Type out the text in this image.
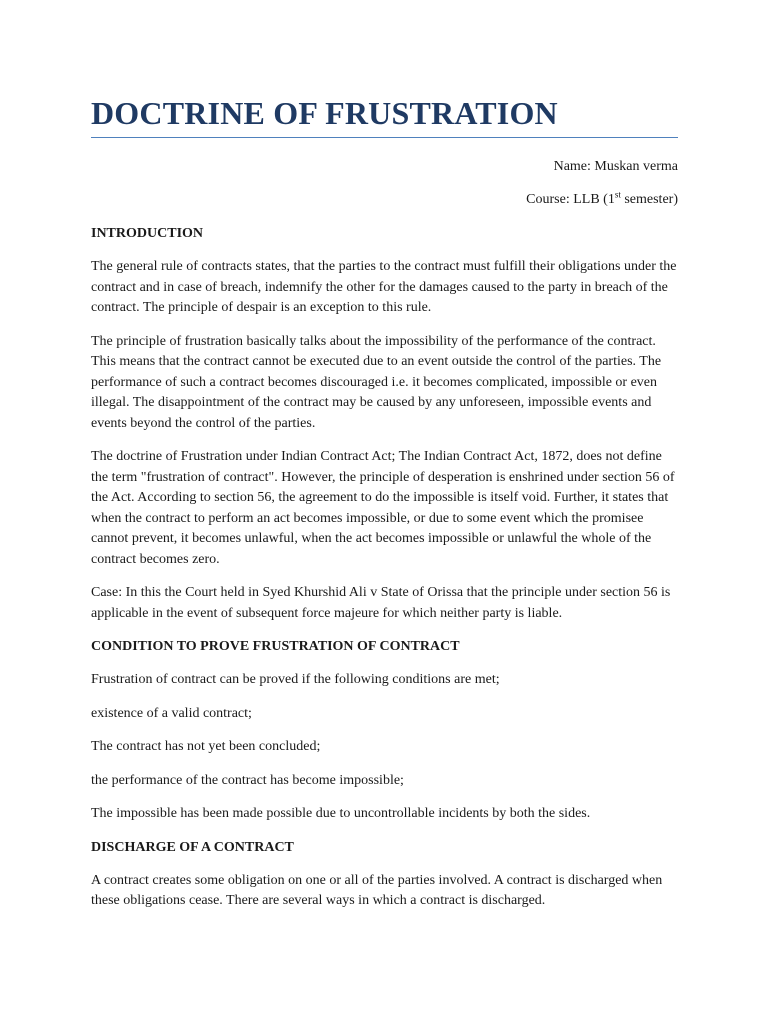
DOCTRINE OF FRUSTRATION

Name: Muskan verma

Course: LLB (1st semester)

INTRODUCTION

The general rule of contracts states, that the parties to the contract must fulfill their obligations under the contract and in case of breach, indemnify the other for the damages caused to the party in breach of the contract. The principle of despair is an exception to this rule.

The principle of frustration basically talks about the impossibility of the performance of the contract. This means that the contract cannot be executed due to an event outside the control of the parties. The performance of such a contract becomes discouraged i.e. it becomes complicated, impossible or even illegal. The disappointment of the contract may be caused by any unforeseen, impossible events and events beyond the control of the parties.

The doctrine of Frustration under Indian Contract Act; The Indian Contract Act, 1872, does not define the term "frustration of contract". However, the principle of desperation is enshrined under section 56 of the Act. According to section 56, the agreement to do the impossible is itself void. Further, it states that when the contract to perform an act becomes impossible, or due to some event which the promisee cannot prevent, it becomes unlawful, when the act becomes impossible or unlawful the whole of the contract becomes zero.

Case: In this the Court held in Syed Khurshid Ali v State of Orissa that the principle under section 56 is applicable in the event of subsequent force majeure for which neither party is liable.

CONDITION TO PROVE FRUSTRATION OF CONTRACT

Frustration of contract can be proved if the following conditions are met;

existence of a valid contract;

The contract has not yet been concluded;

the performance of the contract has become impossible;

The impossible has been made possible due to uncontrollable incidents by both the sides.

DISCHARGE OF A CONTRACT

A contract creates some obligation on one or all of the parties involved. A contract is discharged when these obligations cease. There are several ways in which a contract is discharged.
